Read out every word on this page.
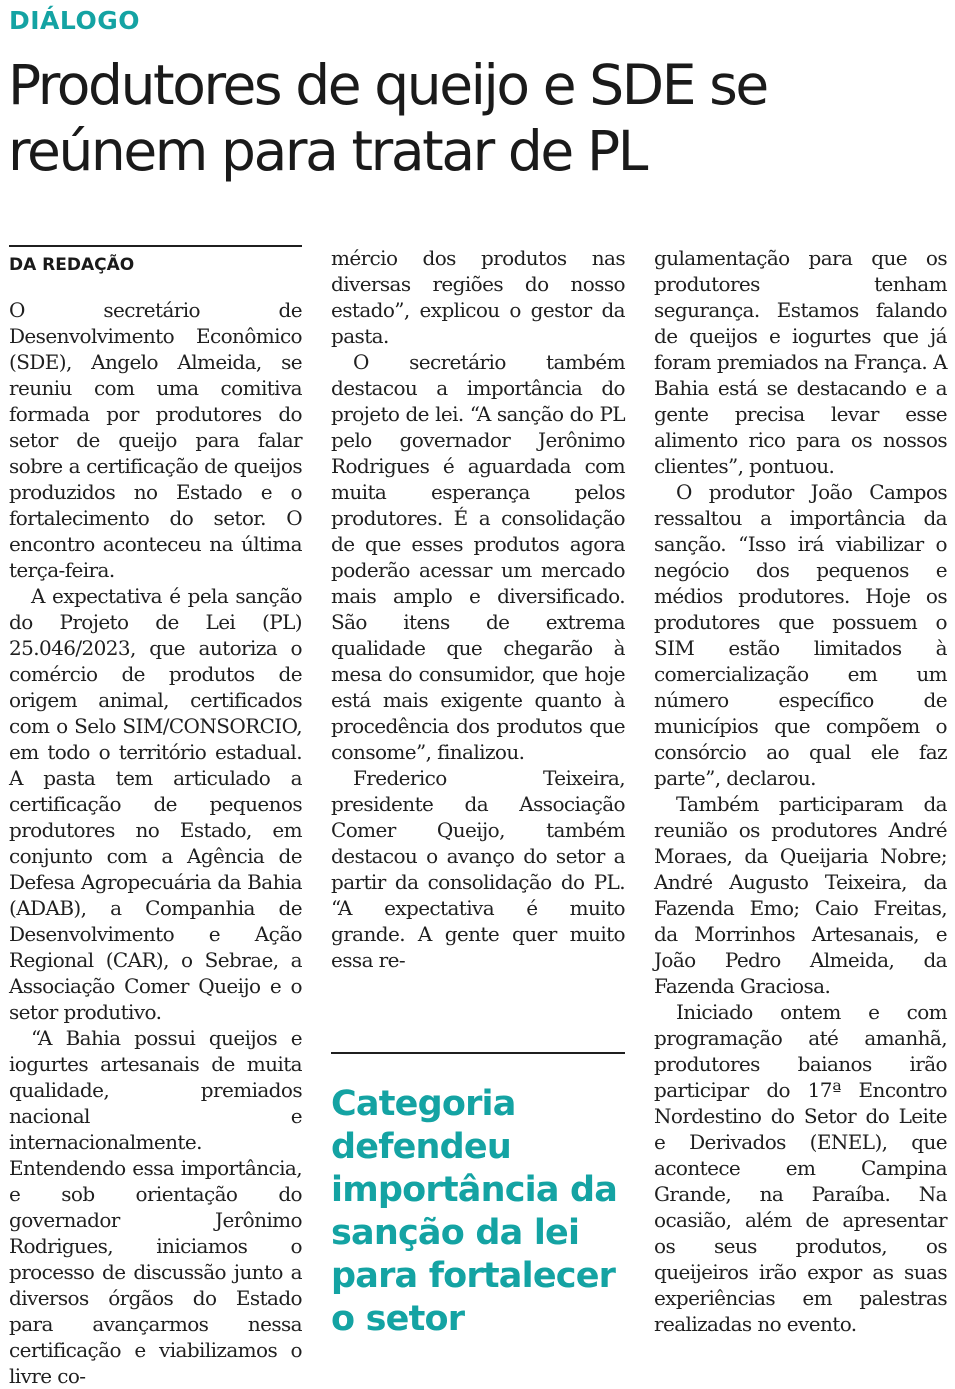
DIÁLOGO
Produtores de queijo e SDE se reúnem para tratar de PL
DA REDAÇÃO

O secretário de Desenvolvimento Econômico (SDE), Angelo Almeida, se reuniu com uma comitiva formada por produtores do setor de queijo para falar sobre a certificação de queijos produzidos no Estado e o fortalecimento do setor. O encontro aconteceu na última terça-feira.

A expectativa é pela sanção do Projeto de Lei (PL) 25.046/2023, que autoriza o comércio de produtos de origem animal, certificados com o Selo SIM/CONSORCIO, em todo o território estadual. A pasta tem articulado a certificação de pequenos produtores no Estado, em conjunto com a Agência de Defesa Agropecuária da Bahia (ADAB), a Companhia de Desenvolvimento e Ação Regional (CAR), o Sebrae, a Associação Comer Queijo e o setor produtivo.

“A Bahia possui queijos e iogurtes artesanais de muita qualidade, premiados nacional e internacionalmente. Entendendo essa importância, e sob orientação do governador Jerônimo Rodrigues, iniciamos o processo de discussão junto a diversos órgãos do Estado para avançarmos nessa certificação e viabilizamos o livre co-

mércio dos produtos nas diversas regiões do nosso estado”, explicou o gestor da pasta.

O secretário também destacou a importância do projeto de lei. “A sanção do PL pelo governador Jerônimo Rodrigues é aguardada com muita esperança pelos produtores. É a consolidação de que esses produtos agora poderão acessar um mercado mais amplo e diversificado. São itens de extrema qualidade que chegarão à mesa do consumidor, que hoje está mais exigente quanto à procedência dos produtos que consome”, finalizou.

Frederico Teixeira, presidente da Associação Comer Queijo, também destacou o avanço do setor a partir da consolidação do PL. “A expectativa é muito grande. A gente quer muito essa re-

Categoria defendeu importância da sanção da lei para fortalecer o setor

gulamentação para que os produtores tenham segurança. Estamos falando de queijos e iogurtes que já foram premiados na França. A Bahia está se destacando e a gente precisa levar esse alimento rico para os nossos clientes”, pontuou.

O produtor João Campos ressaltou a importância da sanção. “Isso irá viabilizar o negócio dos pequenos e médios produtores. Hoje os produtores que possuem o SIM estão limitados à comercialização em um número específico de municípios que compõem o consórcio ao qual ele faz parte”, declarou.

Também participaram da reunião os produtores André Moraes, da Queijaria Nobre; André Augusto Teixeira, da Fazenda Emo; Caio Freitas, da Morrinhos Artesanais, e João Pedro Almeida, da Fazenda Graciosa.

Iniciado ontem e com programação até amanhã, produtores baianos irão participar do 17ª Encontro Nordestino do Setor do Leite e Derivados (ENEL), que acontece em Campina Grande, na Paraíba. Na ocasião, além de apresentar os seus produtos, os queijeiros irão expor as suas experiências em palestras realizadas no evento.
